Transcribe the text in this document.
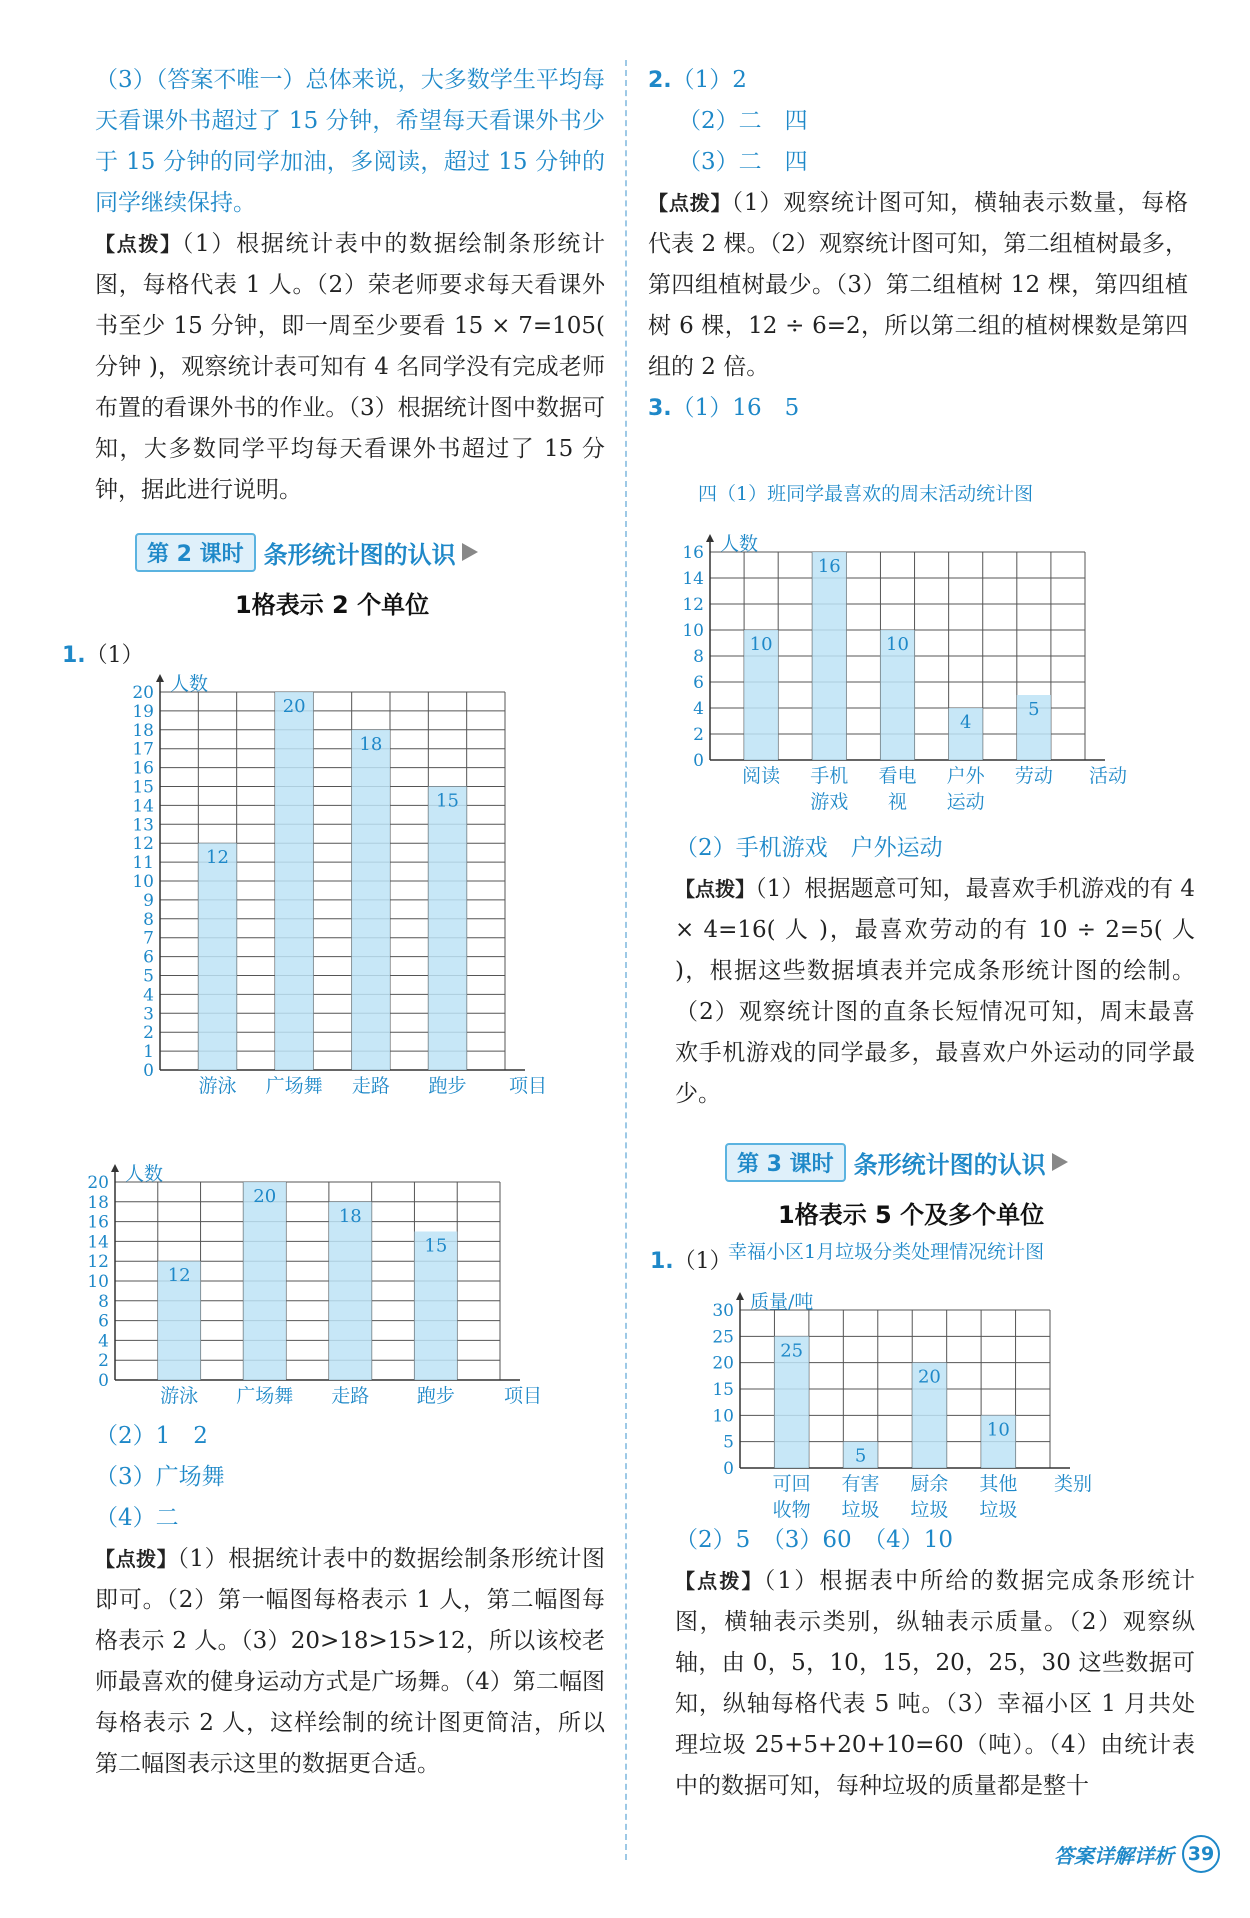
（3）（答案不唯一）总体来说，大多数学生平均每天看课外书超过了 15 分钟，希望每天看课外书少于 15 分钟的同学加油，多阅读，超过 15 分钟的同学继续保持。

【点拨】（1）根据统计表中的数据绘制条形统计图，每格代表 1 人。（2）荣老师要求每天看课外书至少 15 分钟，即一周至少要看 15 × 7=105( 分钟 )，观察统计表可知有 4 名同学没有完成老师布置的看课外书的作业。（3）根据统计图中数据可知，大多数同学平均每天看课外书超过了 15 分钟，据此进行说明。

第 2 课时 条形统计图的认识
1格表示 2 个单位
1.（1）
人数
0
1
2
3
4
5
6
7
8
9
10
11
12
13
14
15
16
17
18
19
20
12
游泳
20
广场舞
18
走路
15
跑步 项目
人数
0
2
4
6
8
10
12
14
16
18
20
12
游泳
20
广场舞
18
走路
15
跑步	项目

（2）1　2

（3）广场舞

（4）二

【点拨】（1）根据统计表中的数据绘制条形统计图即可。（2）第一幅图每格表示 1 人，第二幅图每格表示 2 人。（3）20>18>15>12，所以该校老师最喜欢的健身运动方式是广场舞。（4）第二幅图每格表示 2 人，这样绘制的统计图更简洁，所以第二幅图表示这里的数据更合适。

2.（1）2

（2）二　四

（3）二　四

【点拨】（1）观察统计图可知，横轴表示数量，每格代表 2 棵。（2）观察统计图可知，第二组植树最多，第四组植树最少。（3）第二组植树 12 棵，第四组植树 6 棵，12 ÷ 6=2，所以第二组的植树棵数是第四组的 2 倍。

3.（1）16　5

四（1）班同学最喜欢的周末活动统计图
人数
0
2
4
6
8
10
12
14
16
10
阅读
16
手机
游戏
10
看电
视
4
户外
运动
5
劳动 活动

（2）手机游戏　户外运动

【点拨】（1）根据题意可知，最喜欢手机游戏的有 4 × 4=16( 人 )，最喜欢劳动的有 10 ÷ 2=5( 人 )，根据这些数据填表并完成条形统计图的绘制。（2）观察统计图的直条长短情况可知，周末最喜欢手机游戏的同学最多，最喜欢户外运动的同学最少。

第 3 课时 条形统计图的认识
1格表示 5 个及多个单位
1.（1）
幸福小区1月垃圾分类处理情况统计图
质量/吨
0
5
10
15
20
25
30
25
可回
收物
5
有害
垃圾
20
厨余
垃圾
10
其他
垃圾
类别

（2）5　（3）60　（4）10

【点拨】（1）根据表中所给的数据完成条形统计图，横轴表示类别，纵轴表示质量。（2）观察纵轴，由 0，5，10，15，20，25，30 这些数据可知，纵轴每格代表 5 吨。（3）幸福小区 1 月共处理垃圾 25+5+20+10=60（吨）。（4）由统计表中的数据可知，每种垃圾的质量都是整十

答案详解详析 39
